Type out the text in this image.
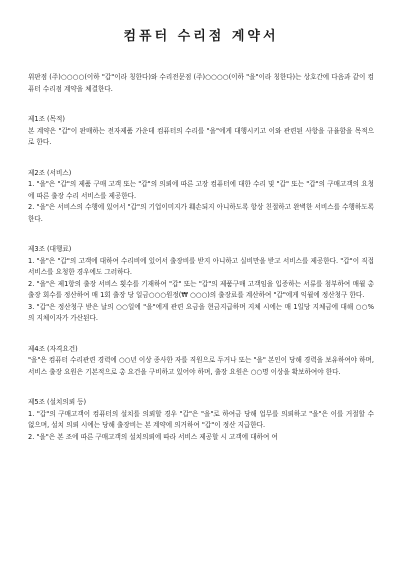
컴퓨터 수리점 계약서

위판점 (주)○○○○(이하 "갑"이라 칭한다)와 수리전문점 (주)○○○○(이하 "을"이라 칭한다)는 상호간에 다음과 같이 컴퓨터 수리점 계약을 체결한다.

제1조 (목적)

본 계약은 "갑"이 판매하는 전자제품 가운데 컴퓨터의 수리를 "을"에게 대행시키고 이와 관련된 사항을 규율함을 목적으로 한다.

제2조 (서비스)

1. "을"은 "갑"의 제품 구매 고객 또는 "갑"의 의뢰에 따른 고장 컴퓨터에 대한 수리 및 "갑" 또는 "갑"의 구매고객의 요청에 따른 출장 수리 서비스를 제공한다.

2. "을"은 서비스의 수행에 있어서 "갑"의 기업이미지가 훼손되지 아니하도록 항상 친절하고 완벽한 서비스를 수행하도록 한다.

제3조 (대행료)

1. "을"은 "갑"의 고객에 대하여 수리비에 있어서 출장비를 받지 아니하고 실비만을 받고 서비스를 제공한다. "갑"이 직접 서비스를 요청한 경우에도 그러하다.

2. "을"은 제1항의 출장 서비스 횟수를 기재하여 "갑" 또는 "갑"의 제품구매 고객임을 입증하는 서류를 첨부하여 매월 총 출장 회수를 정산하여 매 1회 출장 당 일금○○○원정(₩ ○○○)의 출장료를 계산하여 "갑"에게 익월에 정산청구 한다.

3. "갑"은 정산청구 받은 날의 ○○일에 "을"에게 관련 요금을 현금지급하며 지체 시에는 매 1일당 지체금에 대해 ○○%의 지체이자가 가산된다.

제4조 (자격요건)

"을"은 컴퓨터 수리관련 경력에 ○○년 이상 종사한 자를 직원으로 두거나 또는 "을" 본인이 당해 경력을 보유하여야 하며, 서비스 출장 요원은 기본적으로 총 요건을 구비하고 있어야 하며, 출장 요원은 ○○명 이상을 확보하여야 한다.

제5조 (설치의뢰 등)

1. "갑"의 구매고객이 컴퓨터의 설치를 의뢰할 경우 "갑"은 "을"로 하여금 당해 업무를 의뢰하고 "을"은 이를 거절할 수 없으며, 설치 의뢰 시에는 당해 출장비는 본 계약에 의거하여 "갑"이 정산 지급한다.

2. "을"은 본 조에 따른 구매고객의 설치의뢰에 따라 서비스 제공할 시 고객에 대하여 여
